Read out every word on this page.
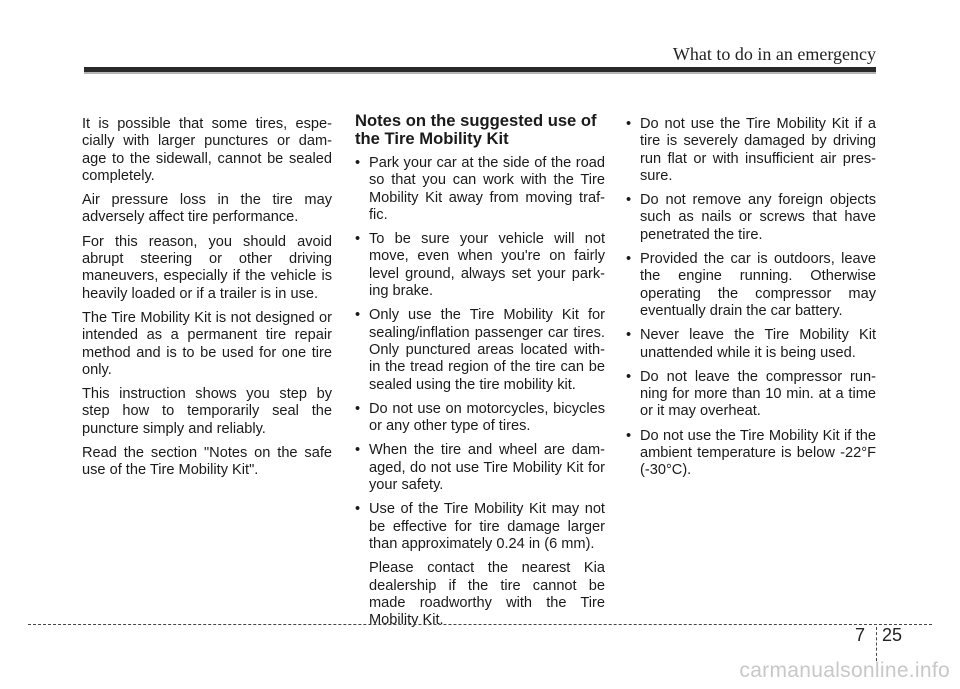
What to do in an emergency

It is possible that some tires, espe-cially with larger punctures or dam-age to the sidewall, cannot be sealed completely.

Air pressure loss in the tire may adversely affect tire performance.

For this reason, you should avoid abrupt steering or other driving maneuvers, especially if the vehicle is heavily loaded or if a trailer is in use.

The Tire Mobility Kit is not designed or intended as a permanent tire repair method and is to be used for one tire only.

This instruction shows you step by step how to temporarily seal the puncture simply and reliably.

Read the section "Notes on the safe use of the Tire Mobility Kit".

Notes on the suggested use of the Tire Mobility Kit
• Park your car at the side of the road so that you can work with the Tire Mobility Kit away from moving traf-fic.
• To be sure your vehicle will not move, even when you're on fairly level ground, always set your park-ing brake.
• Only use the Tire Mobility Kit for sealing/inflation passenger car tires. Only punctured areas located with-in the tread region of the tire can be sealed using the tire mobility kit.
• Do not use on motorcycles, bicycles or any other type of tires.
• When the tire and wheel are dam-aged, do not use Tire Mobility Kit for your safety.
• Use of the Tire Mobility Kit may not be effective for tire damage larger than approximately 0.24 in (6 mm).
Please contact the nearest Kia dealership if the tire cannot be made roadworthy with the Tire Mobility Kit.
• Do not use the Tire Mobility Kit if a tire is severely damaged by driving run flat or with insufficient air pres-sure.
• Do not remove any foreign objects such as nails or screws that have penetrated the tire.
• Provided the car is outdoors, leave the engine running. Otherwise operating the compressor may eventually drain the car battery.
• Never leave the Tire Mobility Kit unattended while it is being used.
• Do not leave the compressor run-ning for more than 10 min. at a time or it may overheat.
• Do not use the Tire Mobility Kit if the ambient temperature is below -22°F (-30°C).
7 25
carmanualsonline.info
